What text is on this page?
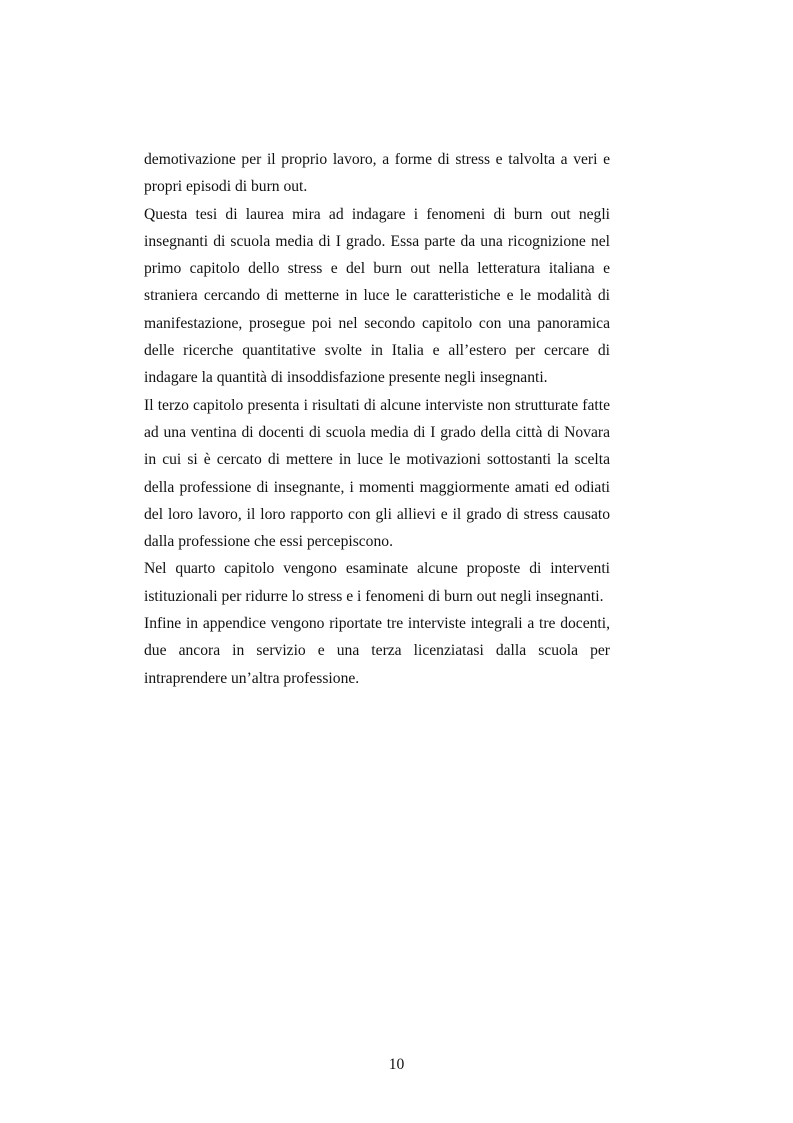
demotivazione per il proprio lavoro, a forme di stress e talvolta a veri e propri episodi di burn out.

Questa tesi di laurea mira ad indagare i fenomeni di burn out negli insegnanti di scuola media di I grado. Essa parte da una ricognizione nel primo capitolo dello stress e del burn out nella letteratura italiana e straniera cercando di metterne in luce le caratteristiche e le modalità di manifestazione, prosegue poi nel secondo capitolo con una panoramica delle ricerche quantitative svolte in Italia e all’estero per cercare di indagare la quantità di insoddisfazione presente negli insegnanti.

Il terzo capitolo presenta i risultati di alcune interviste non strutturate fatte ad una ventina di docenti di scuola media di I grado della città di Novara in cui si è cercato di mettere in luce le motivazioni sottostanti la scelta della professione di insegnante, i momenti maggiormente amati ed odiati del loro lavoro, il loro rapporto con gli allievi e il grado di stress causato dalla professione che essi percepiscono.

Nel quarto capitolo vengono esaminate alcune proposte di interventi istituzionali per ridurre lo stress e i fenomeni di burn out negli insegnanti.

Infine in appendice vengono riportate tre interviste integrali a tre docenti, due ancora in servizio e una terza licenziatasi dalla scuola per intraprendere un’altra professione.

10
